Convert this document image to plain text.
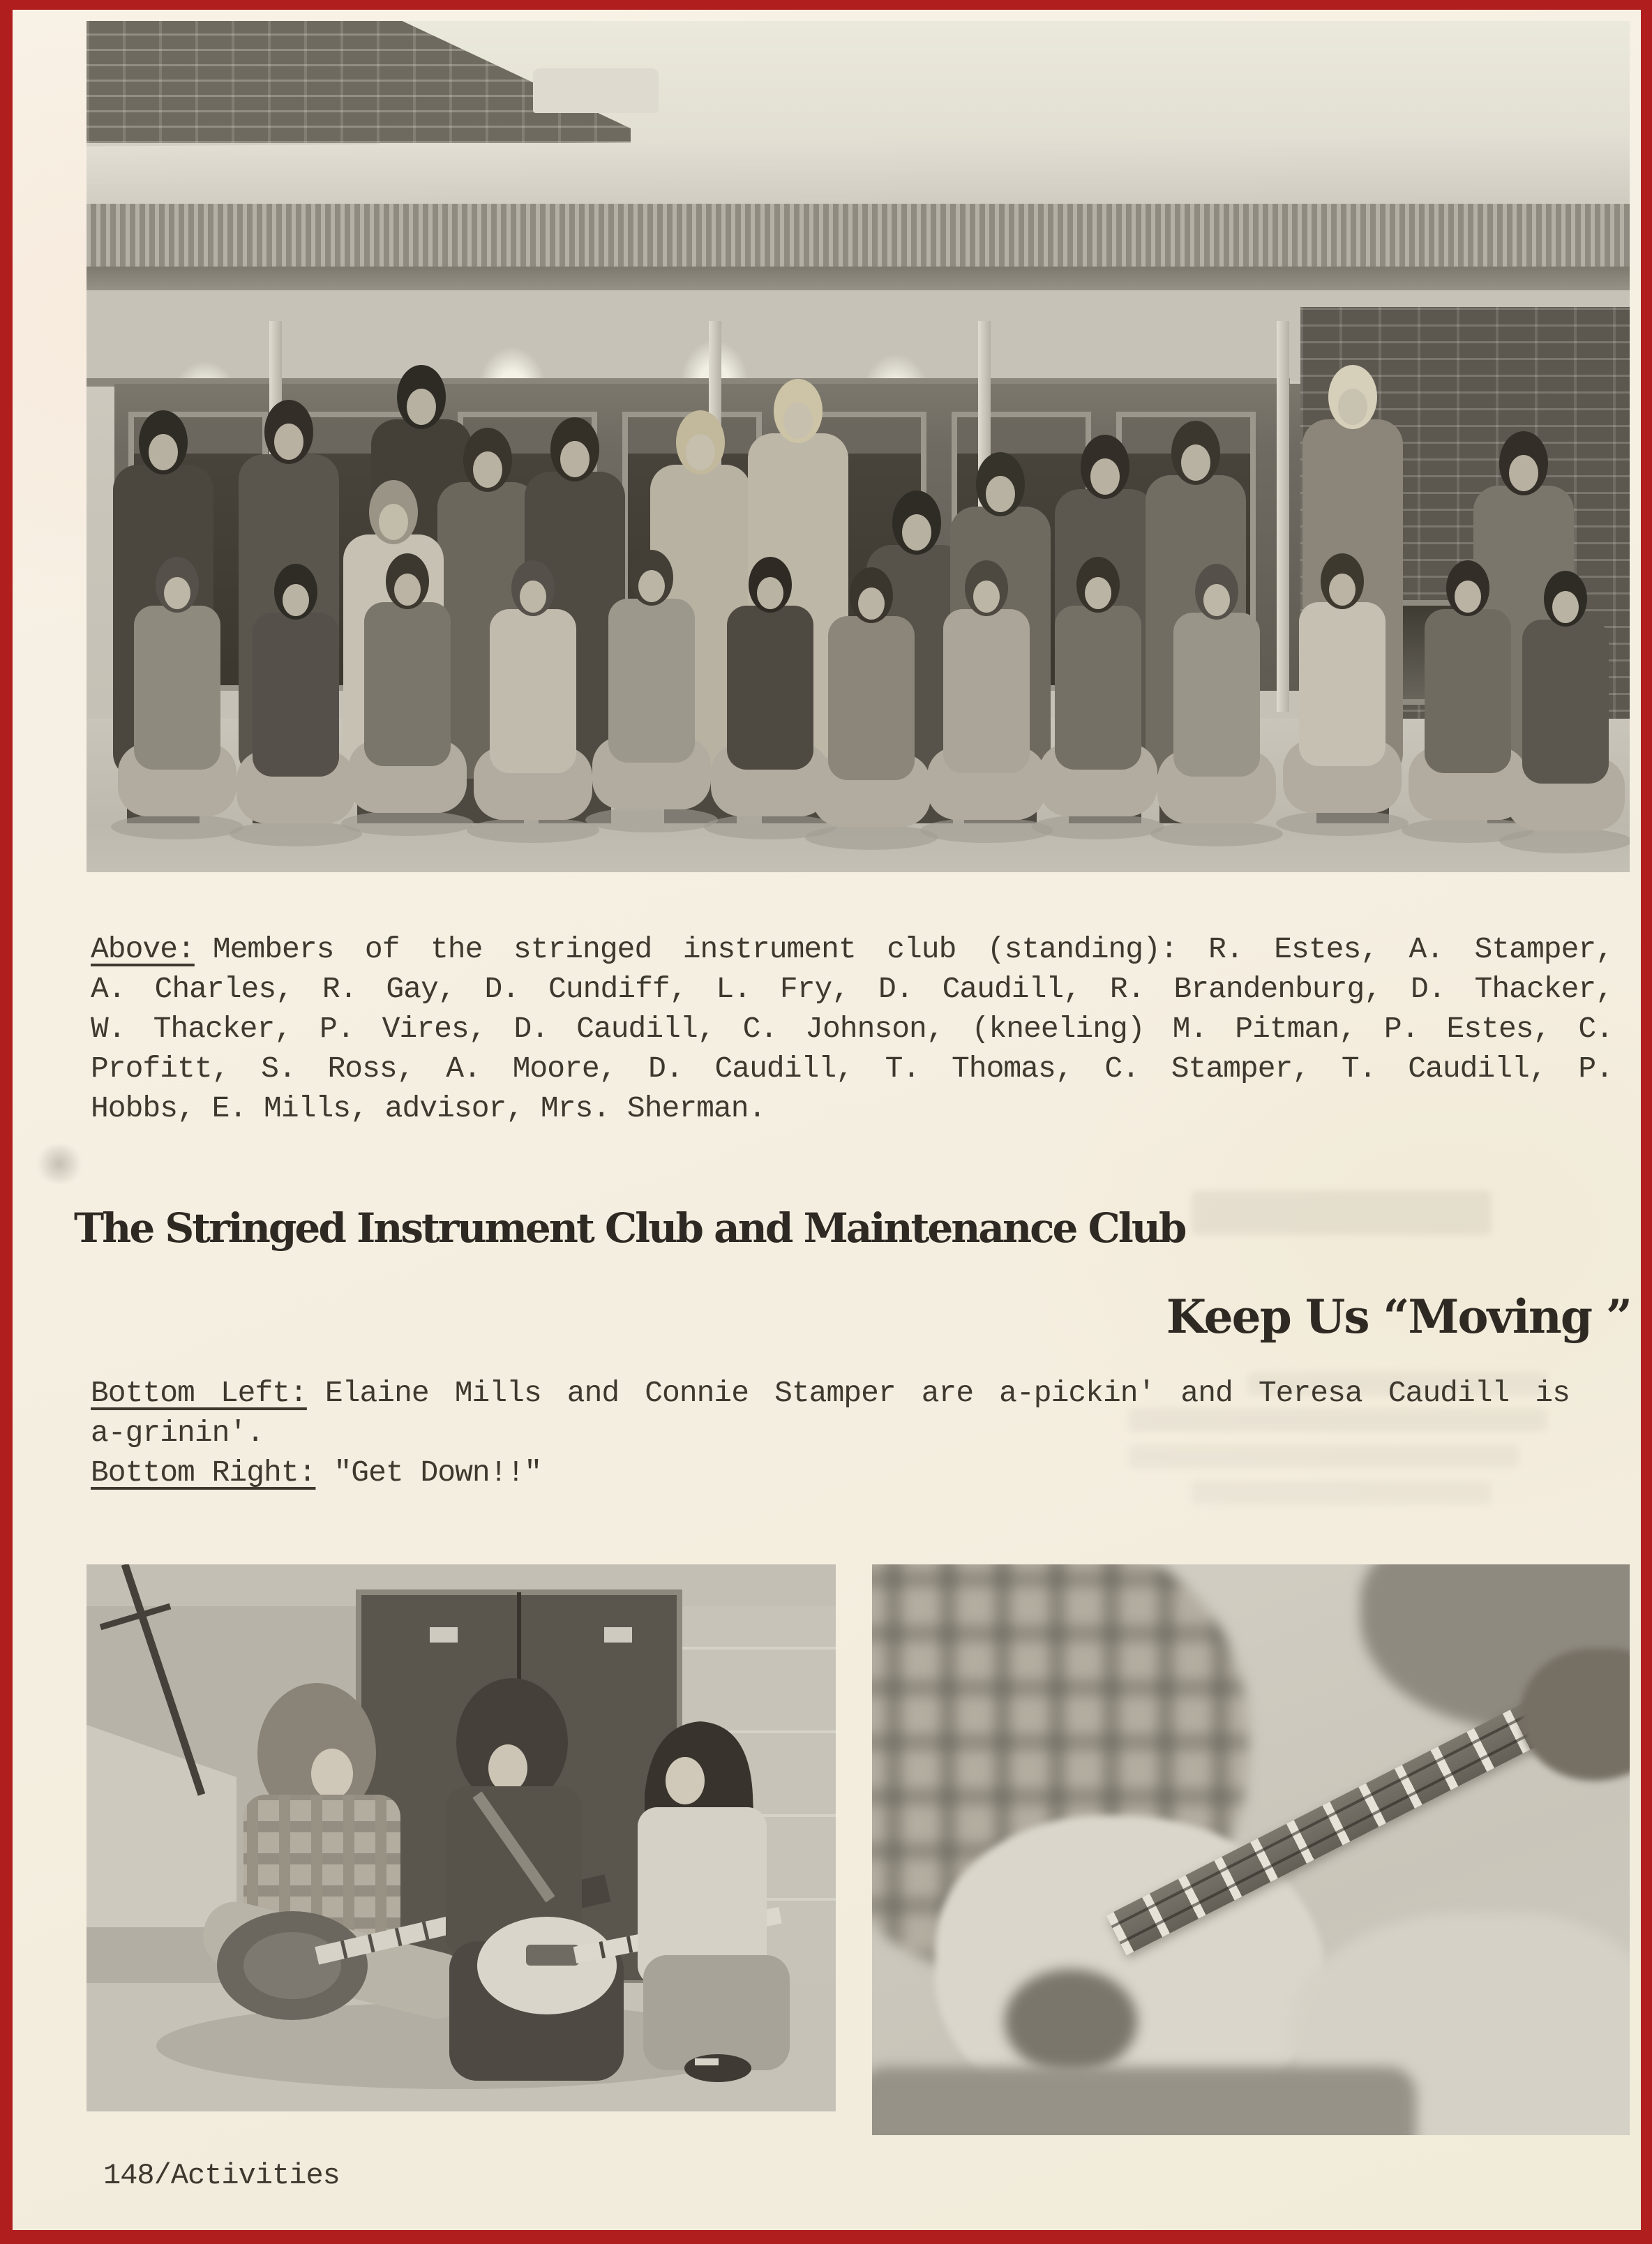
Above: Members of the stringed instrument club (standing): R. Estes, A. Stamper,
A. Charles, R. Gay, D. Cundiff, L. Fry, D. Caudill, R. Brandenburg, D. Thacker,
W. Thacker, P. Vires, D. Caudill, C. Johnson, (kneeling) M. Pitman, P. Estes, C.
Profitt, S. Ross, A. Moore, D. Caudill, T. Thomas, C. Stamper, T. Caudill, P.
Hobbs, E. Mills, advisor, Mrs. Sherman.
The Stringed Instrument Club and Maintenance Club
Keep Us “Moving ”
Bottom Left: Elaine Mills and Connie Stamper are a-pickin' and Teresa Caudill is
a-grinin'.
Bottom Right: "Get Down!!"
148/Activities
